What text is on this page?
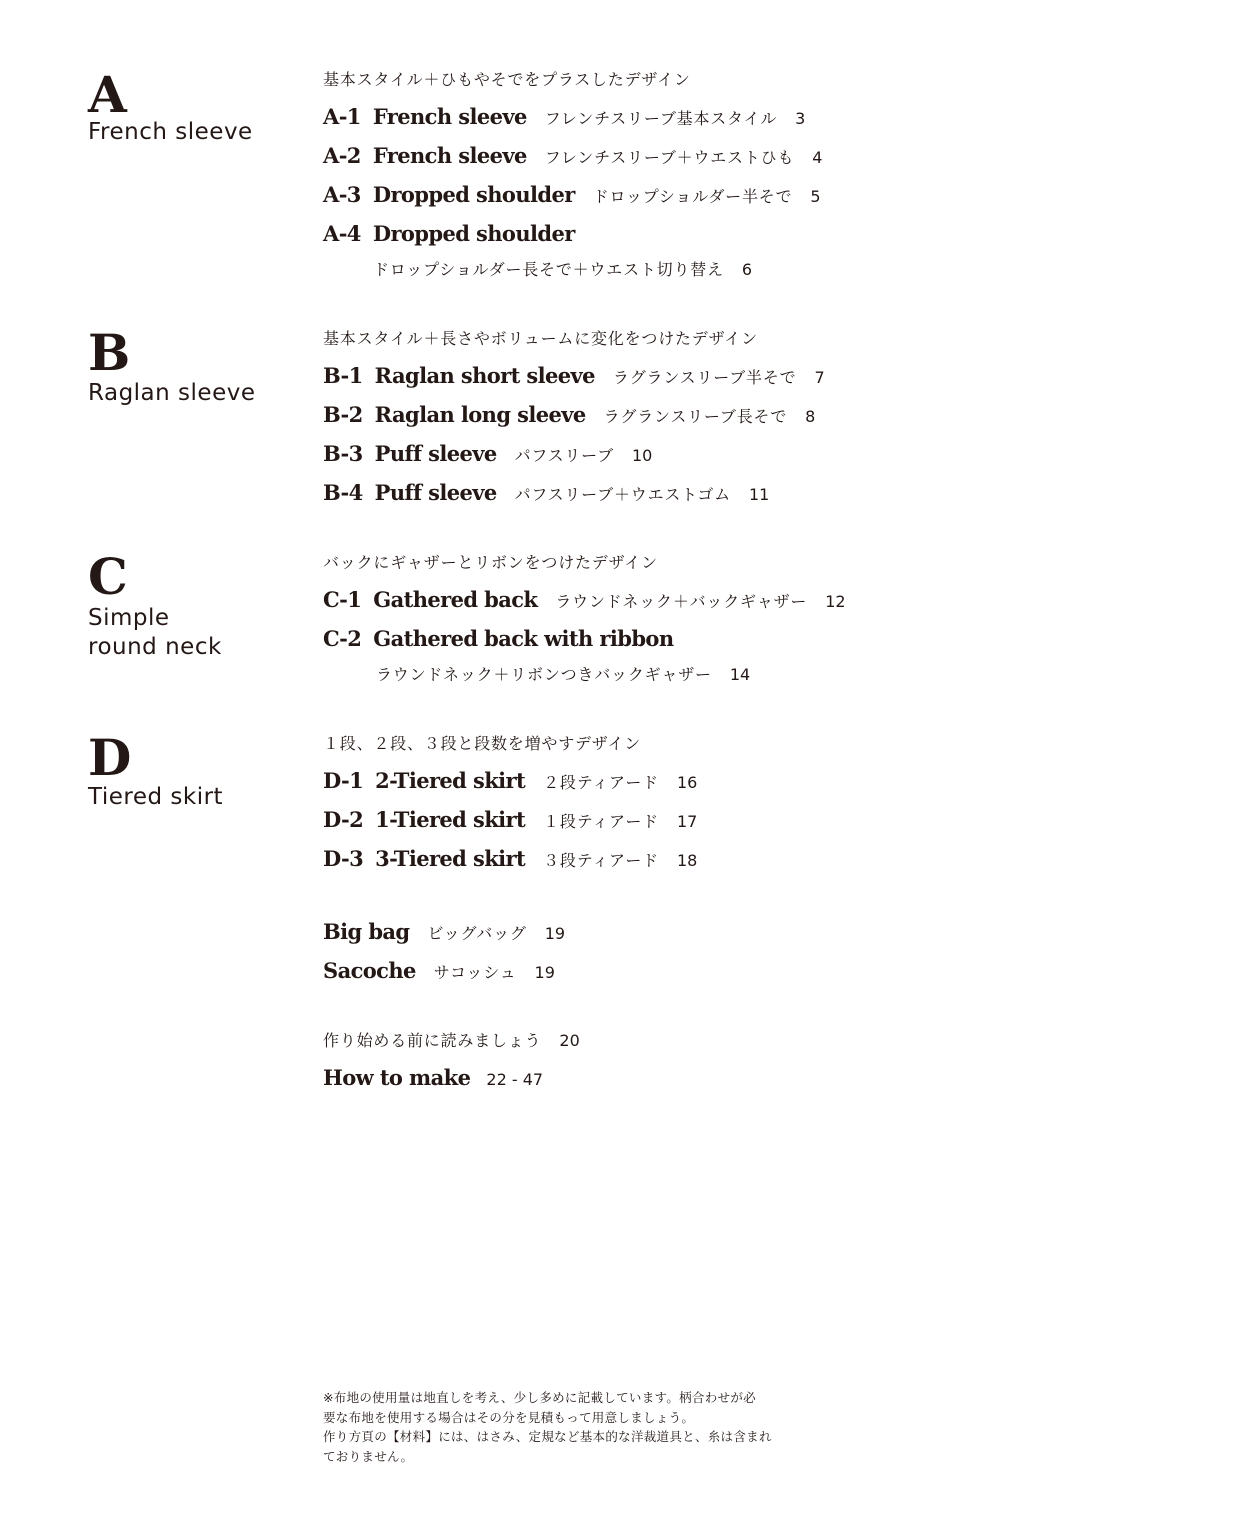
A
French sleeve
基本スタイル＋ひもやそでをプラスしたデザイン
A-1 French sleeve フレンチスリーブ基本スタイル 3
A-2 French sleeve フレンチスリーブ＋ウエストひも 4
A-3 Dropped shoulder ドロップショルダー半そで 5
A-4 Dropped shoulder
ドロップショルダー長そで＋ウエスト切り替え 6
B
Raglan sleeve
基本スタイル＋長さやボリュームに変化をつけたデザイン
B-1 Raglan short sleeve ラグランスリーブ半そで 7
B-2 Raglan long sleeve ラグランスリーブ長そで 8
B-3 Puff sleeve パフスリーブ 10
B-4 Puff sleeve パフスリーブ＋ウエストゴム 11
C
Simple
round neck
バックにギャザーとリボンをつけたデザイン
C-1 Gathered back ラウンドネック＋バックギャザー 12
C-2 Gathered back with ribbon
ラウンドネック＋リボンつきバックギャザー 14
D
Tiered skirt
１段、２段、３段と段数を増やすデザイン
D-1 2-Tiered skirt ２段ティアード 16
D-2 1-Tiered skirt １段ティアード 17
D-3 3-Tiered skirt ３段ティアード 18
Big bag ビッグバッグ 19
Sacoche サコッシュ 19
作り始める前に読みましょう 20
How to make 22 - 47
※布地の使用量は地直しを考え、少し多めに記載しています。柄合わせが必
要な布地を使用する場合はその分を見積もって用意しましょう。
作り方頁の【材料】には、はさみ、定規など基本的な洋裁道具と、糸は含まれ
ておりません。
